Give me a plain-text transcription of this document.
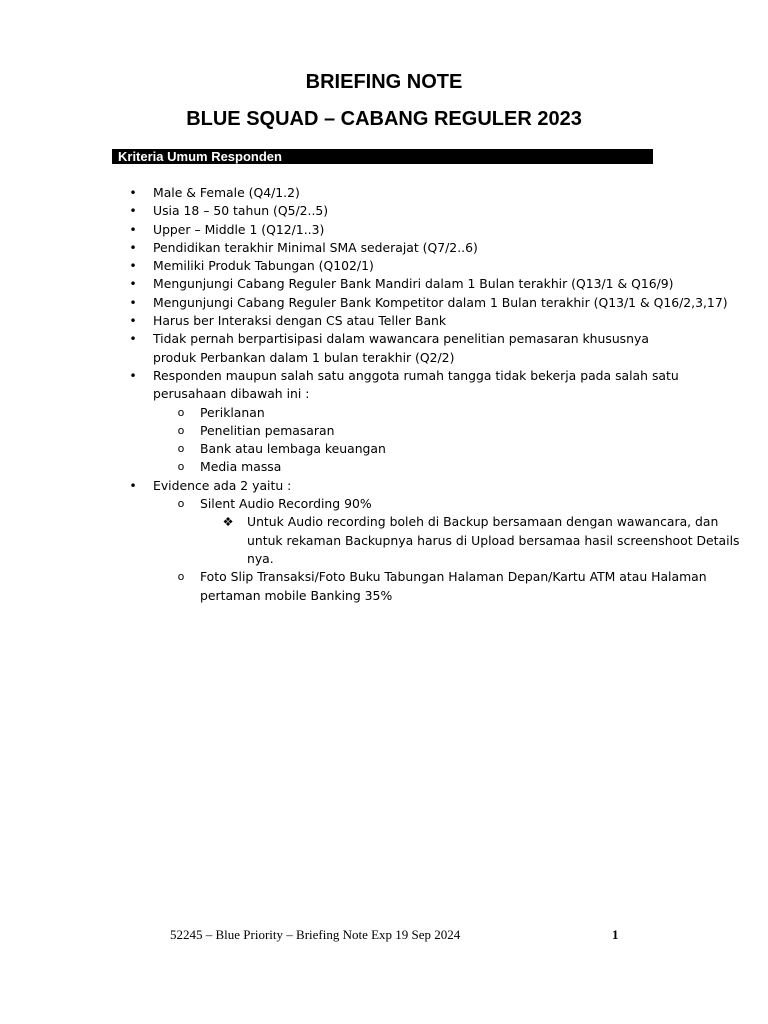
BRIEFING NOTE
BLUE SQUAD – CABANG REGULER 2023
Kriteria Umum Responden
•	Male & Female (Q4/1.2)
•	Usia 18 – 50 tahun (Q5/2..5)
•	Upper – Middle 1 (Q12/1..3)
•	Pendidikan terakhir Minimal SMA sederajat (Q7/2..6)
•	Memiliki Produk Tabungan (Q102/1)
•	Mengunjungi Cabang Reguler Bank Mandiri dalam 1 Bulan terakhir (Q13/1 & Q16/9)
•	Mengunjungi Cabang Reguler Bank Kompetitor dalam 1 Bulan terakhir (Q13/1 & Q16/2,3,17)
•	Harus ber Interaksi dengan CS atau Teller Bank
•	Tidak pernah berpartisipasi dalam wawancara penelitian pemasaran khususnya
produk Perbankan dalam 1 bulan terakhir (Q2/2)
•	Responden maupun salah satu anggota rumah tangga tidak bekerja pada salah satu
perusahaan dibawah ini :
o	Periklanan
o	Penelitian pemasaran
o	Bank atau lembaga keuangan
o	Media massa
•	Evidence ada 2 yaitu :
o	Silent Audio Recording 90%
❖	Untuk Audio recording boleh di Backup bersamaan dengan wawancara, dan
untuk rekaman Backupnya harus di Upload bersamaa hasil screenshoot Details
nya.
o	Foto Slip Transaksi/Foto Buku Tabungan Halaman Depan/Kartu ATM atau Halaman
pertaman mobile Banking 35%
52245 – Blue Priority – Briefing Note Exp 19 Sep 2024	1
